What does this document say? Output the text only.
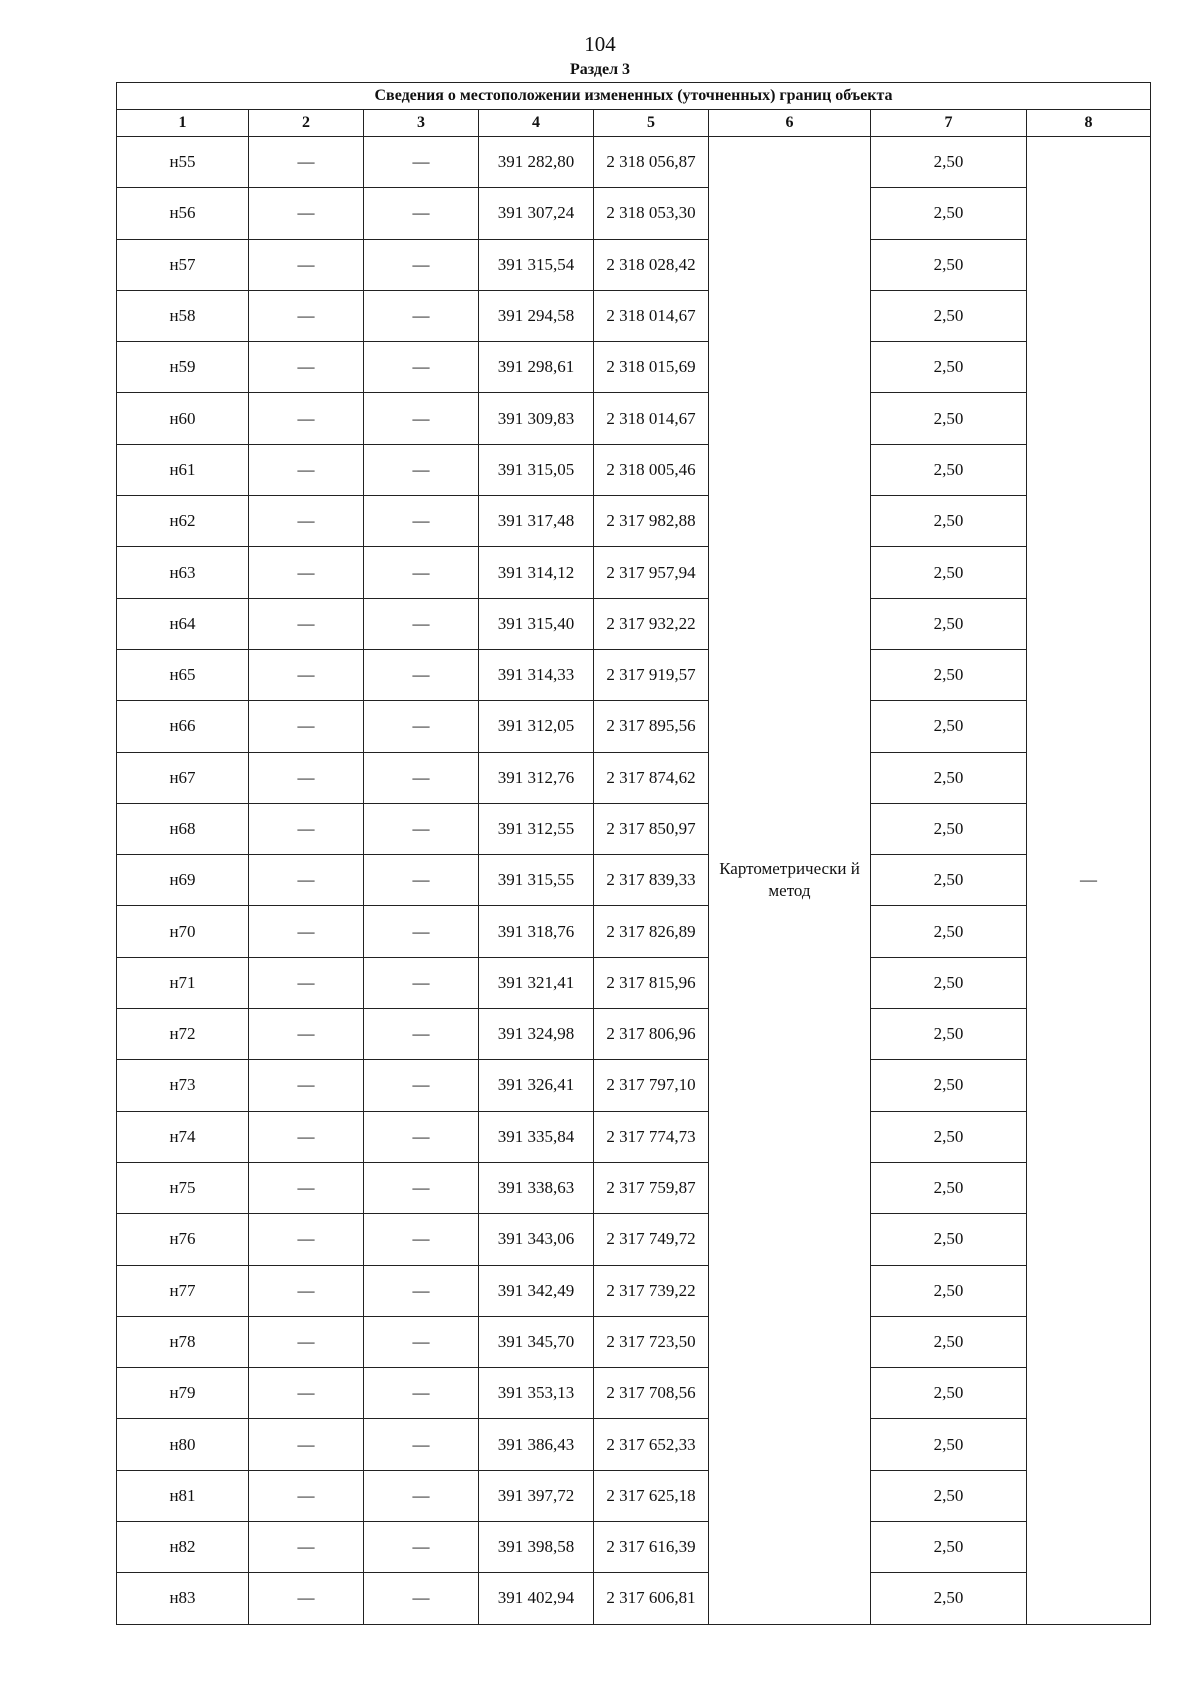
104
Раздел 3
Сведения о местоположении измененных (уточненных) границ объекта							
1	2	3	4	5	6	7	8
н55	—	—	391 282,80	2 318 056,87	Картометрически й метод	2,50	—
н56	—	—	391 307,24	2 318 053,30		2,50	
н57	—	—	391 315,54	2 318 028,42		2,50	
н58	—	—	391 294,58	2 318 014,67		2,50	
н59	—	—	391 298,61	2 318 015,69		2,50	
н60	—	—	391 309,83	2 318 014,67		2,50	
н61	—	—	391 315,05	2 318 005,46		2,50	
н62	—	—	391 317,48	2 317 982,88		2,50	
н63	—	—	391 314,12	2 317 957,94		2,50	
н64	—	—	391 315,40	2 317 932,22		2,50	
н65	—	—	391 314,33	2 317 919,57		2,50	
н66	—	—	391 312,05	2 317 895,56		2,50	
н67	—	—	391 312,76	2 317 874,62		2,50	
н68	—	—	391 312,55	2 317 850,97		2,50	
н69	—	—	391 315,55	2 317 839,33		2,50	
н70	—	—	391 318,76	2 317 826,89		2,50	
н71	—	—	391 321,41	2 317 815,96		2,50	
н72	—	—	391 324,98	2 317 806,96		2,50	
н73	—	—	391 326,41	2 317 797,10		2,50	
н74	—	—	391 335,84	2 317 774,73		2,50	
н75	—	—	391 338,63	2 317 759,87		2,50	
н76	—	—	391 343,06	2 317 749,72		2,50	
н77	—	—	391 342,49	2 317 739,22		2,50	
н78	—	—	391 345,70	2 317 723,50		2,50	
н79	—	—	391 353,13	2 317 708,56		2,50	
н80	—	—	391 386,43	2 317 652,33		2,50	
н81	—	—	391 397,72	2 317 625,18		2,50	
н82	—	—	391 398,58	2 317 616,39		2,50	
н83	—	—	391 402,94	2 317 606,81		2,50	
